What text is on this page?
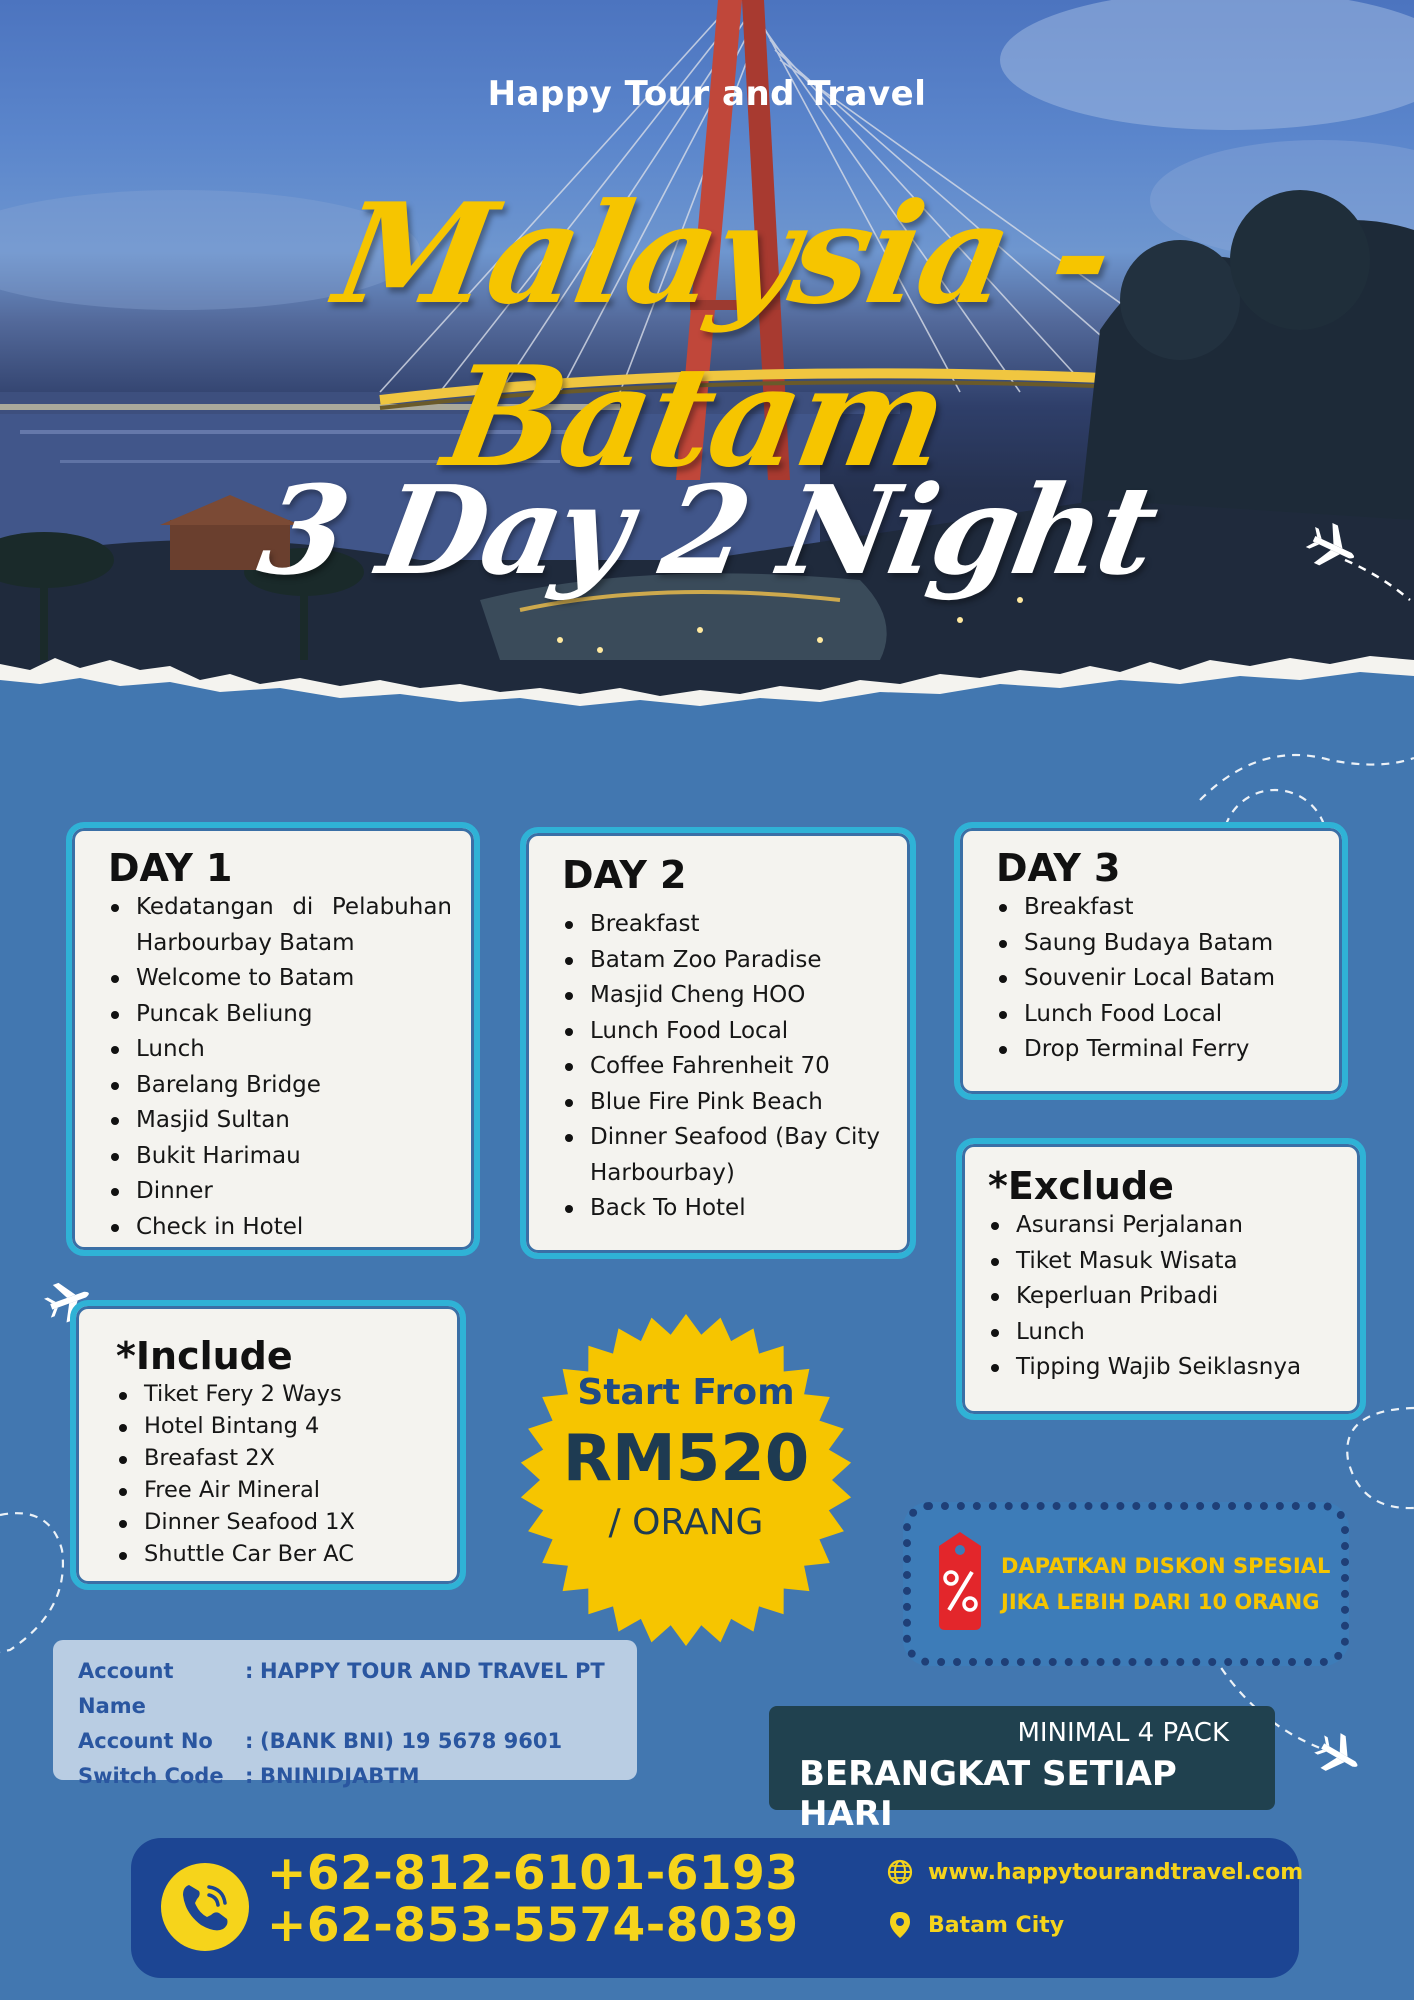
Happy Tour and Travel
Malaysia - Batam
3 Day 2 Night
DAY 1
Kedatangan di Pelabuhan Harbourbay Batam
Welcome to Batam
Puncak Beliung
Lunch
Barelang Bridge
Masjid Sultan
Bukit Harimau
Dinner
Check in Hotel
DAY 2
Breakfast
Batam Zoo Paradise
Masjid Cheng HOO
Lunch Food Local
Coffee Fahrenheit 70
Blue Fire Pink Beach
Dinner Seafood (Bay City Harbourbay)
Back To Hotel
DAY 3
Breakfast
Saung Budaya Batam
Souvenir Local Batam
Lunch Food Local
Drop Terminal Ferry
*Exclude
Asuransi Perjalanan
Tiket Masuk Wisata
Keperluan Pribadi
Lunch
Tipping Wajib Seiklasnya
*Include
Tiket Fery 2 Ways
Hotel Bintang 4
Breafast 2X
Free Air Mineral
Dinner Seafood 1X
Shuttle Car Ber AC
Start From
RM520
/ ORANG
DAPATKAN DISKON SPESIAL
JIKA LEBIH DARI 10 ORANG
Account Name
: HAPPY TOUR AND TRAVEL PT
Account No	: (BANK BNI) 19 5678 9601
Switch Code	: BNINIDJABTM
MINIMAL 4 PACK
BERANGKAT SETIAP HARI
+62-812-6101-6193
+62-853-5574-8039
www.happytourandtravel.com
Batam City
